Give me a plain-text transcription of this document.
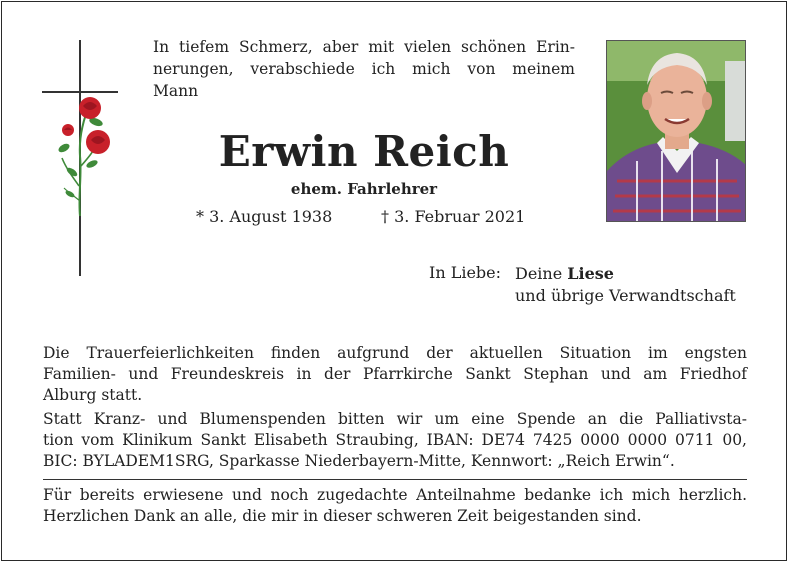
In tiefem Schmerz, aber mit vielen schönen Erin-
nerungen, verabschiede ich mich von meinem
Mann
Erwin Reich
ehem. Fahrlehrer
* 3. August 1938	† 3. Februar 2021
In Liebe: Deine Liese
und übrige Verwandtschaft
Die Trauerfeierlichkeiten finden aufgrund der aktuellen Situation im engsten
Familien- und Freundeskreis in der Pfarrkirche Sankt Stephan und am Friedhof
Alburg statt.
Statt Kranz- und Blumenspenden bitten wir um eine Spende an die Palliativsta-
tion vom Klinikum Sankt Elisabeth Straubing, IBAN: DE74 7425 0000 0000 0711 00,
BIC: BYLADEM1SRG, Sparkasse Niederbayern-Mitte, Kennwort: „Reich Erwin“.
Für bereits erwiesene und noch zugedachte Anteilnahme bedanke ich mich herzlich.
Herzlichen Dank an alle, die mir in dieser schweren Zeit beigestanden sind.
